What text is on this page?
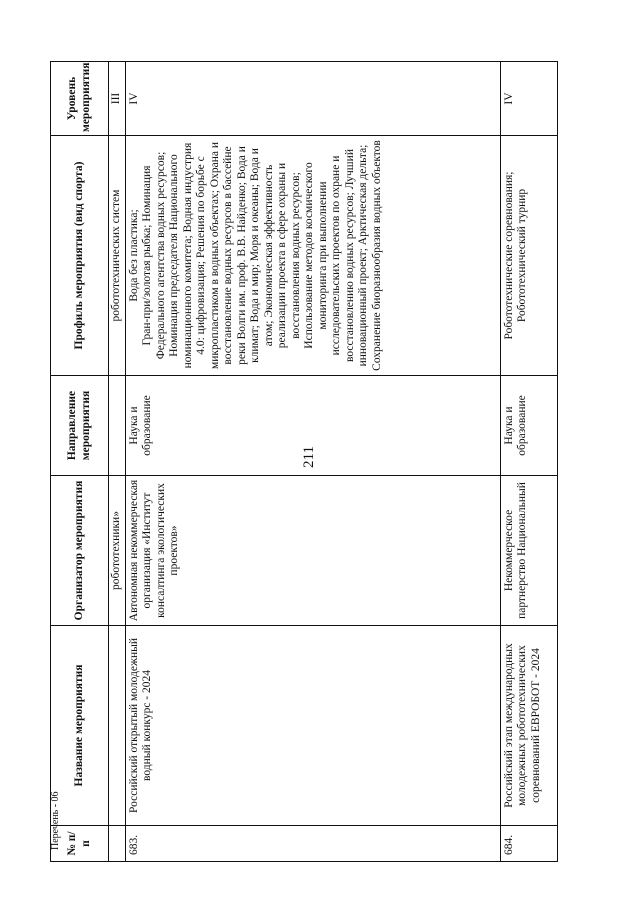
211
№ п/п	Название мероприятия	Организатор мероприятия	Направление мероприятия	Профиль мероприятия (вид спорта)	Уровень мероприятия
		робототехники»		робототехнических систем	III
683.	Российский открытый молодежный водный конкурс - 2024	Автономная некоммерческая организация «Институт консалтинга экологических проектов»	Наука и образование	Вода без пластика; Гран-при/золотая рыбка; Номинация Федерального агентства водных ресурсов; Номинация председателя Национального номинационного комитета; Водная индустрия 4.0: цифровизация; Решения по борьбе с микропластиком в водных объектах; Охрана и восстановление водных ресурсов в бассейне реки Волги им. проф. В.В. Найденко; Вода и климат; Вода и мир; Моря и океаны; Вода и атом; Экономическая эффективность реализации проекта в сфере охраны и восстановления водных ресурсов; Использование методов космического мониторинга при выполнении исследовательских проектов по охране и восстановлению водных ресурсов; Лучший инновационный проект; Арктическая дельта; Сохранение биоразнообразия водных объектов	IV
684.	Российский этап международных молодежных робототехнических соревнований ЕВРОБОТ - 2024	Некоммерческое партнерство Национальный	Наука и образование	Робототехнические соревнования; Робототехнический турнир	IV
Перечень - 06
